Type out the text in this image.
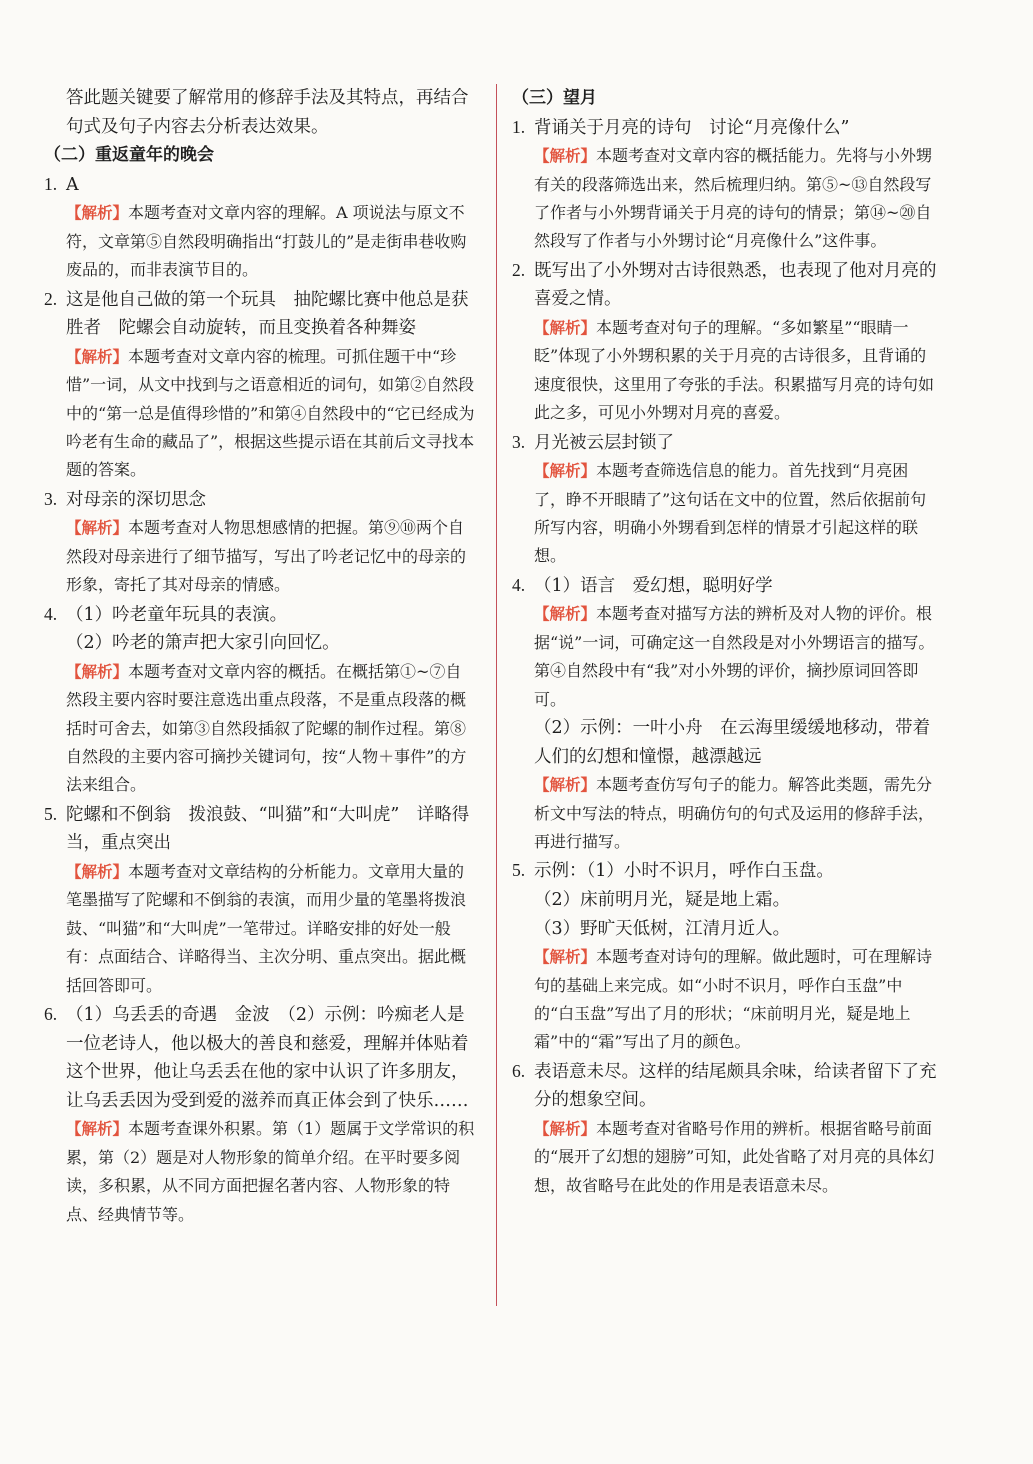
答此题关键要了解常用的修辞手法及其特点，再结合句式及句子内容去分析表达效果。
（二）重返童年的晚会
1. A
【解析】本题考查对文章内容的理解。A 项说法与原文不符，文章第⑤自然段明确指出“打鼓儿的”是走街串巷收购废品的，而非表演节目的。
2. 这是他自己做的第一个玩具　抽陀螺比赛中他总是获胜者　陀螺会自动旋转，而且变换着各种舞姿
【解析】本题考查对文章内容的梳理。可抓住题干中“珍惜”一词，从文中找到与之语意相近的词句，如第②自然段中的“第一总是值得珍惜的”和第④自然段中的“它已经成为吟老有生命的藏品了”，根据这些提示语在其前后文寻找本题的答案。
3. 对母亲的深切思念
【解析】本题考查对人物思想感情的把握。第⑨⑩两个自然段对母亲进行了细节描写，写出了吟老记忆中的母亲的形象，寄托了其对母亲的情感。
4. （1）吟老童年玩具的表演。
（2）吟老的箫声把大家引向回忆。
【解析】本题考查对文章内容的概括。在概括第①~⑦自然段主要内容时要注意选出重点段落，不是重点段落的概括时可舍去，如第③自然段插叙了陀螺的制作过程。第⑧自然段的主要内容可摘抄关键词句，按“人物＋事件”的方法来组合。
5. 陀螺和不倒翁　拨浪鼓、“叫猫”和“大叫虎”　详略得当，重点突出
【解析】本题考查对文章结构的分析能力。文章用大量的笔墨描写了陀螺和不倒翁的表演，而用少量的笔墨将拨浪鼓、“叫猫”和“大叫虎”一笔带过。详略安排的好处一般有：点面结合、详略得当、主次分明、重点突出。据此概括回答即可。
6. （1）乌丢丢的奇遇　金波　（2）示例：吟痴老人是一位老诗人，他以极大的善良和慈爱，理解并体贴着这个世界，他让乌丢丢在他的家中认识了许多朋友，让乌丢丢因为受到爱的滋养而真正体会到了快乐……
【解析】本题考查课外积累。第（1）题属于文学常识的积累，第（2）题是对人物形象的简单介绍。在平时要多阅读，多积累，从不同方面把握名著内容、人物形象的特点、经典情节等。
（三）望月
1. 背诵关于月亮的诗句　讨论“月亮像什么”
【解析】本题考查对文章内容的概括能力。先将与小外甥有关的段落筛选出来，然后梳理归纳。第⑤~⑬自然段写了作者与小外甥背诵关于月亮的诗句的情景；第⑭~⑳自然段写了作者与小外甥讨论“月亮像什么”这件事。
2. 既写出了小外甥对古诗很熟悉，也表现了他对月亮的喜爱之情。
【解析】本题考查对句子的理解。“多如繁星”“眼睛一眨”体现了小外甥积累的关于月亮的古诗很多，且背诵的速度很快，这里用了夸张的手法。积累描写月亮的诗句如此之多，可见小外甥对月亮的喜爱。
3. 月光被云层封锁了
【解析】本题考查筛选信息的能力。首先找到“月亮困了，睁不开眼睛了”这句话在文中的位置，然后依据前句所写内容，明确小外甥看到怎样的情景才引起这样的联想。
4. （1）语言　爱幻想，聪明好学
【解析】本题考查对描写方法的辨析及对人物的评价。根据“说”一词，可确定这一自然段是对小外甥语言的描写。第④自然段中有“我”对小外甥的评价，摘抄原词回答即可。
（2）示例：一叶小舟　在云海里缓缓地移动，带着人们的幻想和憧憬，越漂越远
【解析】本题考查仿写句子的能力。解答此类题，需先分析文中写法的特点，明确仿句的句式及运用的修辞手法，再进行描写。
5. 示例：（1）小时不识月，呼作白玉盘。
（2）床前明月光，疑是地上霜。
（3）野旷天低树，江清月近人。
【解析】本题考查对诗句的理解。做此题时，可在理解诗句的基础上来完成。如“小时不识月，呼作白玉盘”中的“白玉盘”写出了月的形状；“床前明月光，疑是地上霜”中的“霜”写出了月的颜色。
6. 表语意未尽。这样的结尾颇具余味，给读者留下了充分的想象空间。
【解析】本题考查对省略号作用的辨析。根据省略号前面的“展开了幻想的翅膀”可知，此处省略了对月亮的具体幻想，故省略号在此处的作用是表语意未尽。
